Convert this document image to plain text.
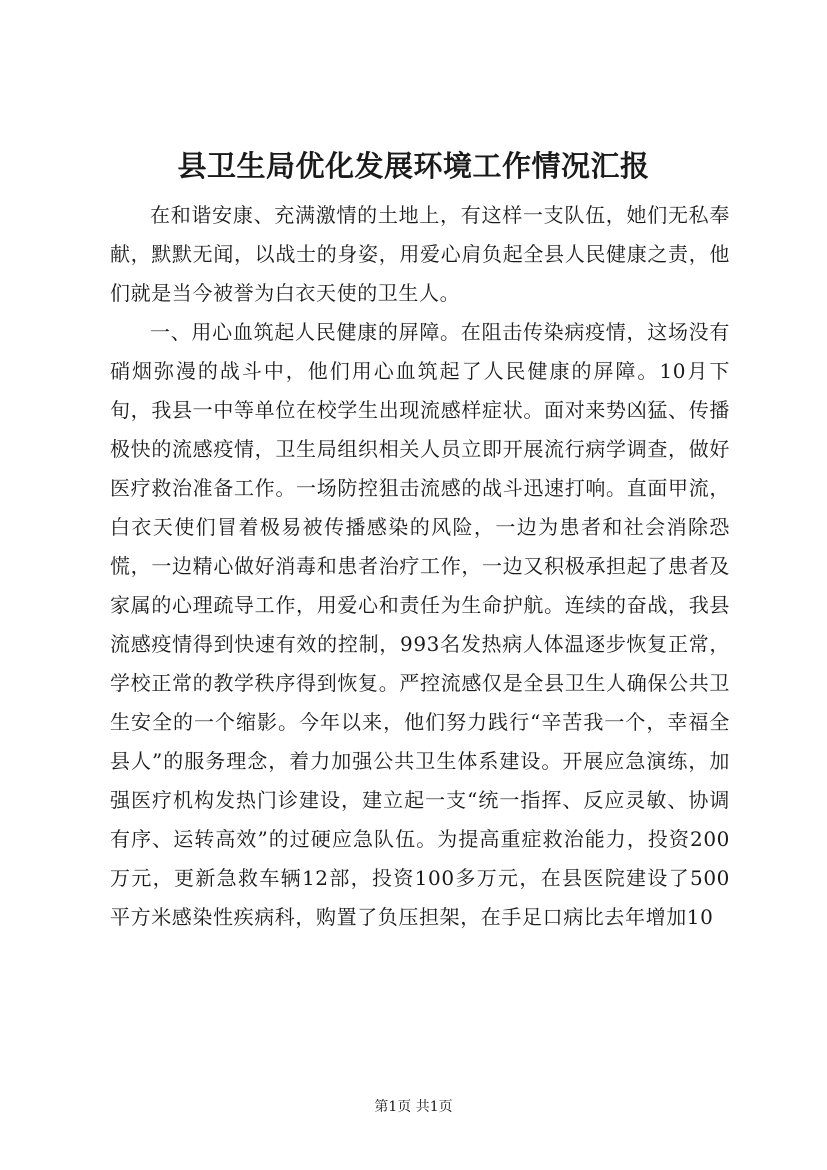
县卫生局优化发展环境工作情况汇报

在和谐安康、充满激情的土地上，有这样一支队伍，她们无私奉献，默默无闻，以战士的身姿，用爱心肩负起全县人民健康之责，他们就是当今被誉为白衣天使的卫生人。

一、用心血筑起人民健康的屏障。在阻击传染病疫情，这场没有硝烟弥漫的战斗中，他们用心血筑起了人民健康的屏障。10月下旬，我县一中等单位在校学生出现流感样症状。面对来势凶猛、传播极快的流感疫情，卫生局组织相关人员立即开展流行病学调查，做好医疗救治准备工作。一场防控狙击流感的战斗迅速打响。直面甲流，白衣天使们冒着极易被传播感染的风险，一边为患者和社会消除恐慌，一边精心做好消毒和患者治疗工作，一边又积极承担起了患者及家属的心理疏导工作，用爱心和责任为生命护航。连续的奋战，我县流感疫情得到快速有效的控制，993名发热病人体温逐步恢复正常，学校正常的教学秩序得到恢复。严控流感仅是全县卫生人确保公共卫生安全的一个缩影。今年以来，他们努力践行“辛苦我一个，幸福全县人”的服务理念，着力加强公共卫生体系建设。开展应急演练，加强医疗机构发热门诊建设，建立起一支“统一指挥、反应灵敏、协调有序、运转高效”的过硬应急队伍。为提高重症救治能力，投资200万元，更新急救车辆12部，投资100多万元，在县医院建设了500平方米感染性疾病科，购置了负压担架，在手足口病比去年增加10

第1页 共1页
